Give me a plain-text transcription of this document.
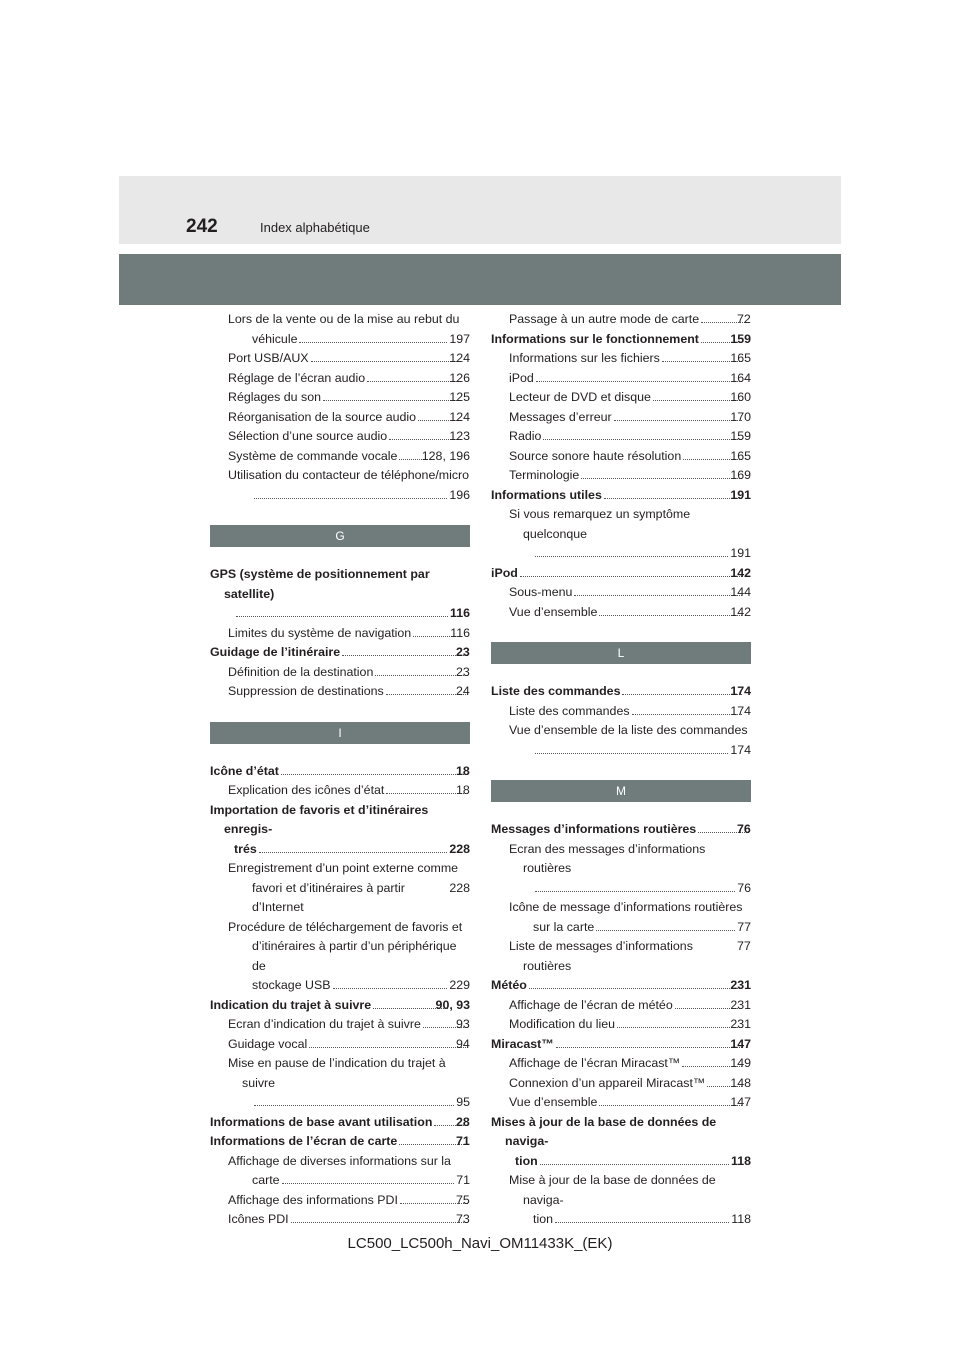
242	Index alphabétique
Lors de la vente ou de la mise au rebut du
véhicule	197
Port USB/AUX	124
Réglage de l’écran audio	126
Réglages du son	125
Réorganisation de la source audio	124
Sélection d’une source audio	123
Système de commande vocale 128, 196
Utilisation du contacteur de téléphone/micro
196
G
GPS (système de positionnement par satellite)
116
Limites du système de navigation	116
Guidage de l’itinéraire	23
Définition de la destination	23
Suppression de destinations	24
I
Icône d’état	18
Explication des icônes d’état	18
Importation de favoris et d’itinéraires enregis-
trés	228
Enregistrement d’un point externe comme
favori et d’itinéraires à partir d’Internet
228
Procédure de téléchargement de favoris et
d’itinéraires à partir d’un périphérique de
stockage USB	229
Indication du trajet à suivre	90, 93
Ecran d’indication du trajet à suivre	93
Guidage vocal	94
Mise en pause de l’indication du trajet à suivre
95
Informations de base avant utilisation 28
Informations de l’écran de carte	71
Affichage de diverses informations sur la
carte	71
Affichage des informations PDI	75
Icônes PDI	73
Passage à un autre mode de carte	72
Informations sur le fonctionnement	159
Informations sur les fichiers	165
iPod	164
Lecteur de DVD et disque	160
Messages d’erreur	170
Radio	159
Source sonore haute résolution	165
Terminologie	169
Informations utiles	191
Si vous remarquez un symptôme quelconque
191
iPod	142
Sous-menu	144
Vue d’ensemble	142
L
Liste des commandes	174
Liste des commandes	174
Vue d’ensemble de la liste des commandes
174
M
Messages d’informations routières	76
Ecran des messages d’informations routières
76
Icône de message d’informations routières
sur la carte	77
Liste de messages d’informations routières
77
Météo	231
Affichage de l’écran de météo	231
Modification du lieu	231
Miracast™	147
Affichage de l’écran Miracast™	149
Connexion d’un appareil Miracast™ 148
Vue d’ensemble	147
Mises à jour de la base de données de naviga-
tion	118
Mise à jour de la base de données de naviga-
tion	118
LC500_LC500h_Navi_OM11433K_(EK)
